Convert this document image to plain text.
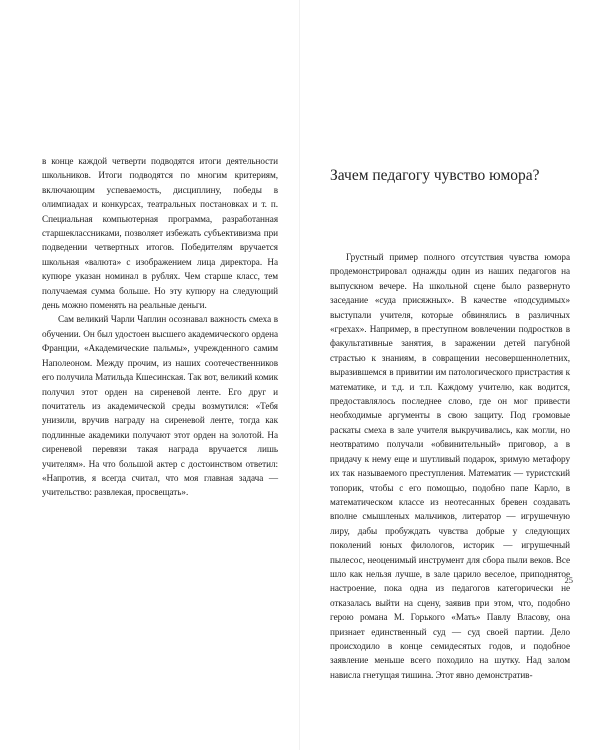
в конце каждой четверти подводятся итоги деятельности школьников. Итоги подводятся по многим критериям, включающим успеваемость, дисциплину, победы в олимпиадах и конкурсах, театральных постановках и т. п. Специальная компьютерная программа, разработанная старшеклассниками, позволяет избежать субъективизма при подведении четвертных итогов. Победителям вручается школьная «валюта» с изображением лица директора. На купюре указан номинал в рублях. Чем старше класс, тем получаемая сумма больше. Но эту купюру на следующий день можно поменять на реальные деньги.

Сам великий Чарли Чаплин осознавал важность смеха в обучении. Он был удостоен высшего академического ордена Франции, «Академические пальмы», учрежденного самим Наполеоном. Между прочим, из наших соотечественников его получила Матильда Кшесинская. Так вот, великий комик получил этот орден на сиреневой ленте. Его друг и почитатель из академической среды возмутился: «Тебя унизили, вручив награду на сиреневой ленте, тогда как подлинные академики получают этот орден на золотой. На сиреневой перевязи такая награда вручается лишь учителям». На что большой актер с достоинством ответил: «Напротив, я всегда считал, что моя главная задача — учительство: развлекая, просвещать».

Зачем педагогу чувство юмора?

Грустный пример полного отсутствия чувства юмора продемонстрировал однажды один из наших педагогов на выпускном вечере. На школьной сцене было развернуто заседание «суда присяжных». В качестве «подсудимых» выступали учителя, которые обвинялись в различных «грехах». Например, в преступном вовлечении подростков в факультативные занятия, в заражении детей пагубной страстью к знаниям, в совращении несовершеннолетних, выразившемся в привитии им патологического пристрастия к математике, и т.д. и т.п. Каждому учителю, как водится, предоставлялось последнее слово, где он мог привести необходимые аргументы в свою защиту. Под громовые раскаты смеха в зале учителя выкручивались, как могли, но неотвратимо получали «обвинительный» приговор, а в придачу к нему еще и шутливый подарок, зримую метафору их так называемого преступления. Математик — туристский топорик, чтобы с его помощью, подобно папе Карло, в математическом классе из неотесанных бревен создавать вполне смышленых мальчиков, литератор — игрушечную лиру, дабы пробуждать чувства добрые у следующих поколений юных филологов, историк — игрушечный пылесос, неоценимый инструмент для сбора пыли веков. Все шло как нельзя лучше, в зале царило веселое, приподнятое настроение, пока одна из педагогов категорически не отказалась выйти на сцену, заявив при этом, что, подобно герою романа М. Горького «Мать» Павлу Власову, она признает единственный суд — суд своей партии. Дело происходило в конце семидесятых годов, и подобное заявление меньше всего походило на шутку. Над залом нависла гнетущая тишина. Этот явно демонстратив-

25
